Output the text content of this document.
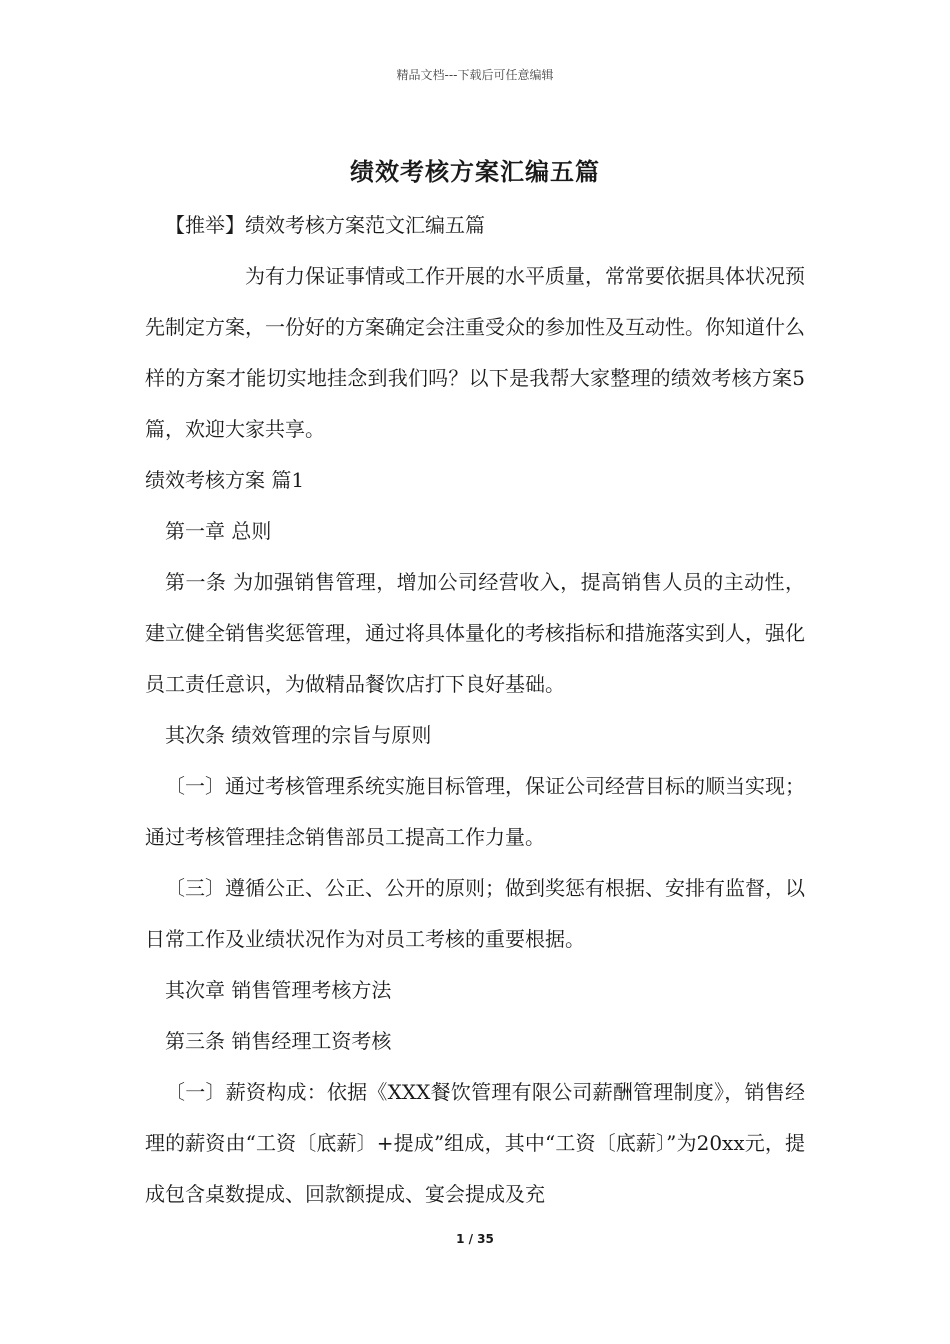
精品文档---下载后可任意编辑
绩效考核方案汇编五篇

【推举】绩效考核方案范文汇编五篇

为有力保证事情或工作开展的水平质量，常常要依据具体状况预先制定方案，一份好的方案确定会注重受众的参加性及互动性。你知道什么样的方案才能切实地挂念到我们吗？以下是我帮大家整理的绩效考核方案5篇，欢迎大家共享。

绩效考核方案 篇1

第一章 总则

第一条 为加强销售管理，增加公司经营收入，提高销售人员的主动性，建立健全销售奖惩管理，通过将具体量化的考核指标和措施落实到人，强化员工责任意识，为做精品餐饮店打下良好基础。

其次条 绩效管理的宗旨与原则

〔一〕通过考核管理系统实施目标管理，保证公司经营目标的顺当实现；通过考核管理挂念销售部员工提高工作力量。

〔三〕遵循公正、公正、公开的原则；做到奖惩有根据、安排有监督，以日常工作及业绩状况作为对员工考核的重要根据。

其次章 销售管理考核方法

第三条 销售经理工资考核

〔一〕薪资构成：依据《XXX餐饮管理有限公司薪酬管理制度》，销售经理的薪资由“工资〔底薪〕+提成”组成，其中“工资〔底薪〕”为20xx元，提成包含桌数提成、回款额提成、宴会提成及充

1 / 35
